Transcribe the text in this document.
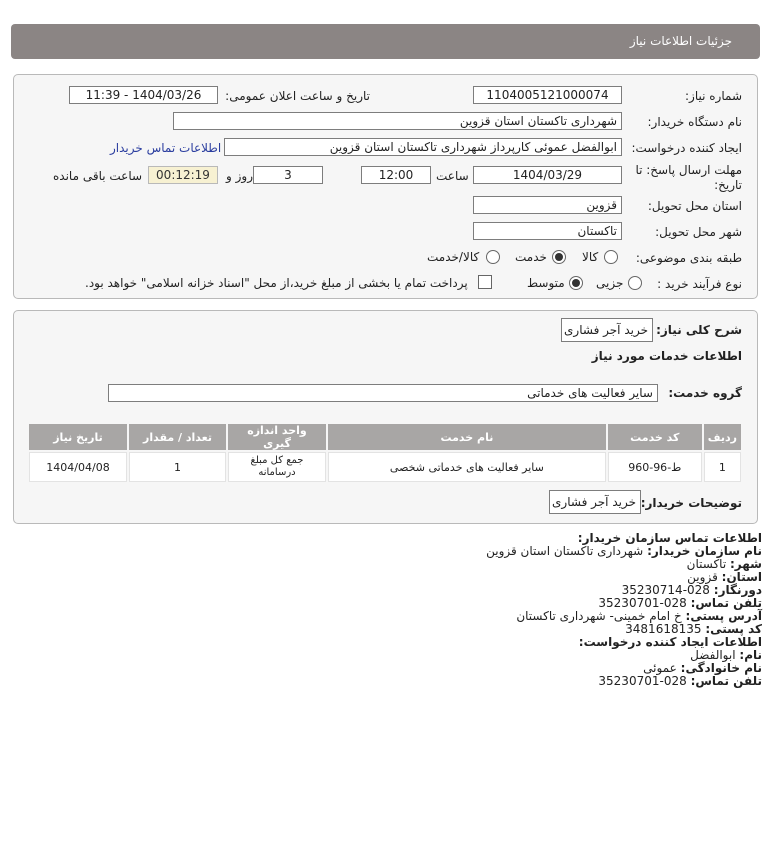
جزئیات اطلاعات نیاز
شماره نیاز:
1104005121000074
تاریخ و ساعت اعلان عمومی:
1404/03/26 - 11:39
نام دستگاه خریدار:
شهرداری تاکستان استان قزوین
ایجاد کننده درخواست:
ابوالفضل عموئی کارپرداز شهرداری تاکستان استان قزوین
اطلاعات تماس خریدار
مهلت ارسال پاسخ: تا
تاریخ:
1404/03/29
ساعت
12:00
3
روز و
00:12:19
ساعت باقی مانده
استان محل تحویل:
قزوین
شهر محل تحویل:
تاکستان
طبقه بندی موضوعی:
کالا
خدمت
کالا/خدمت
نوع فرآیند خرید :
جزیی
متوسط
پرداخت تمام یا بخشی از مبلغ خرید،از محل "اسناد خزانه اسلامی" خواهد بود.
شرح کلی نیاز:
خرید آجر فشاری
اطلاعات خدمات مورد نیاز
گروه خدمت:
سایر فعالیت های خدماتی
ردیف	کد خدمت	نام خدمت	واحد اندازه گیری	تعداد / مقدار	تاریخ نیاز
1	ط-96-960	سایر فعالیت های خدماتی شخصی	جمع کل مبلغ درسامانه	1	1404/04/08
توضیحات خریدار:
خرید آجر فشاری
اطلاعات تماس سازمان خریدار:
نام سازمان خریدار: شهرداری تاکستان استان قزوین
شهر: تاکستان
استان: قزوین
دورنگار: 028-35230714
تلفن تماس: 028-35230701
آدرس پستی: خ امام خمینی- شهرداری تاکستان
کد پستی: 3481618135
اطلاعات ایجاد کننده درخواست:
نام: ابوالفضل
نام خانوادگی: عموئی
تلفن تماس: 028-35230701
